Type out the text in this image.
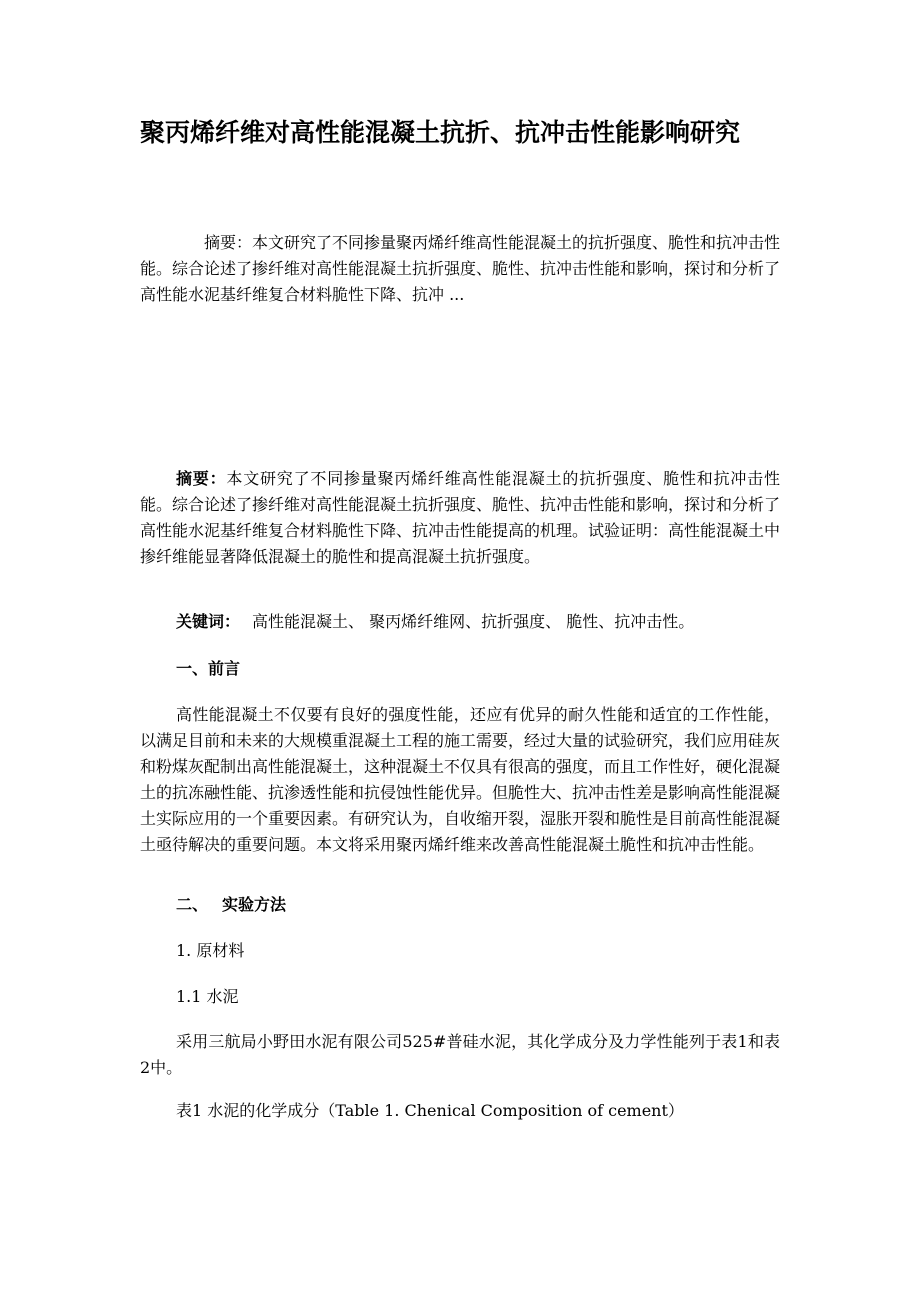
聚丙烯纤维对高性能混凝土抗折、抗冲击性能影响研究

摘要：本文研究了不同掺量聚丙烯纤维高性能混凝土的抗折强度、脆性和抗冲击性能。综合论述了掺纤维对高性能混凝土抗折强度、脆性、抗冲击性能和影响，探讨和分析了高性能水泥基纤维复合材料脆性下降、抗冲 ...

摘要：本文研究了不同掺量聚丙烯纤维高性能混凝土的抗折强度、脆性和抗冲击性能。综合论述了掺纤维对高性能混凝土抗折强度、脆性、抗冲击性能和影响，探讨和分析了高性能水泥基纤维复合材料脆性下降、抗冲击性能提高的机理。试验证明：高性能混凝土中掺纤维能显著降低混凝土的脆性和提高混凝土抗折强度。

关键词： 高性能混凝土、 聚丙烯纤维网、抗折强度、 脆性、抗冲击性。

一、前言

高性能混凝土不仅要有良好的强度性能，还应有优异的耐久性能和适宜的工作性能，以满足目前和未来的大规模重混凝土工程的施工需要，经过大量的试验研究，我们应用硅灰和粉煤灰配制出高性能混凝土，这种混凝土不仅具有很高的强度，而且工作性好，硬化混凝土的抗冻融性能、抗渗透性能和抗侵蚀性能优异。但脆性大、抗冲击性差是影响高性能混凝土实际应用的一个重要因素。有研究认为，自收缩开裂，湿胀开裂和脆性是目前高性能混凝土亟待解决的重要问题。本文将采用聚丙烯纤维来改善高性能混凝土脆性和抗冲击性能。

二、 实验方法

1. 原材料

1.1 水泥

采用三航局小野田水泥有限公司525#普硅水泥，其化学成分及力学性能列于表1和表2中。

表1 水泥的化学成分（Table 1. Chenical Composition of cement）
